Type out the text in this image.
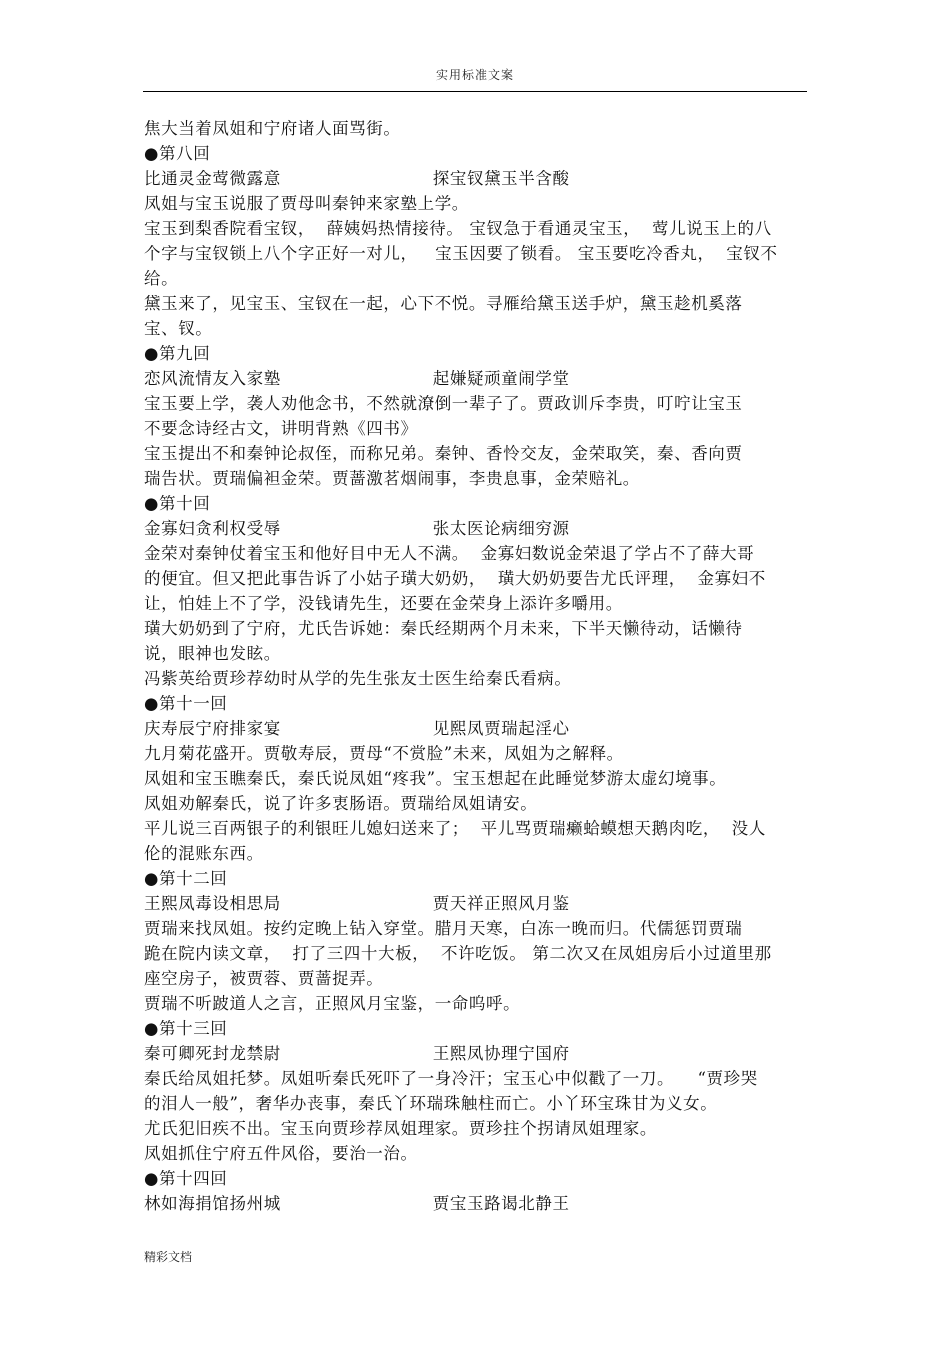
实用标准文案
焦大当着凤姐和宁府诸人面骂街。
●第八回
比通灵金莺微露意                          探宝钗黛玉半含酸
凤姐与宝玉说服了贾母叫秦钟来家塾上学。
宝玉到梨香院看宝钗，  薛姨妈热情接待。 宝钗急于看通灵宝玉，  莺儿说玉上的八
个字与宝钗锁上八个字正好一对儿，   宝玉因要了锁看。 宝玉要吃冷香丸，  宝钗不
给。
黛玉来了，见宝玉、宝钗在一起，心下不悦。寻雁给黛玉送手炉，黛玉趁机奚落
宝、钗。
●第九回
恋风流情友入家塾                          起嫌疑顽童闹学堂
宝玉要上学，袭人劝他念书，不然就潦倒一辈子了。贾政训斥李贵，叮咛让宝玉
不要念诗经古文，讲明背熟《四书》
宝玉提出不和秦钟论叔侄，而称兄弟。秦钟、香怜交友，金荣取笑，秦、香向贾
瑞告状。贾瑞偏袒金荣。贾蔷激茗烟闹事，李贵息事，金荣赔礼。
●第十回
金寡妇贪利权受辱                          张太医论病细穷源
金荣对秦钟仗着宝玉和他好目中无人不满。  金寡妇数说金荣退了学占不了薛大哥
的便宜。但又把此事告诉了小姑子璜大奶奶，  璜大奶奶要告尤氏评理，  金寡妇不
让，怕娃上不了学，没钱请先生，还要在金荣身上添许多嚼用。
璜大奶奶到了宁府，尤氏告诉她：秦氏经期两个月未来，下半天懒待动，话懒待
说，眼神也发眩。
冯紫英给贾珍荐幼时从学的先生张友士医生给秦氏看病。
●第十一回
庆寿辰宁府排家宴                          见熙凤贾瑞起淫心
九月菊花盛开。贾敬寿辰，贾母“不赏脸”未来，凤姐为之解释。
凤姐和宝玉瞧秦氏，秦氏说凤姐“疼我”。宝玉想起在此睡觉梦游太虚幻境事。
凤姐劝解秦氏，说了许多衷肠语。贾瑞给凤姐请安。
平儿说三百两银子的利银旺儿媳妇送来了；  平儿骂贾瑞癞蛤蟆想天鹅肉吃，  没人
伦的混账东西。
●第十二回
王熙凤毒设相思局                          贾天祥正照风月鉴
贾瑞来找凤姐。按约定晚上钻入穿堂。腊月天寒，白冻一晚而归。代儒惩罚贾瑞
跪在院内读文章，  打了三四十大板，  不许吃饭。 第二次又在凤姐房后小过道里那
座空房子，被贾蓉、贾蔷捉弄。
贾瑞不听跛道人之言，正照风月宝鉴，一命呜呼。
●第十三回
秦可卿死封龙禁尉                          王熙凤协理宁国府
秦氏给凤姐托梦。凤姐听秦氏死吓了一身冷汗；宝玉心中似戳了一刀。    “贾珍哭
的泪人一般”，奢华办丧事，秦氏丫环瑞珠触柱而亡。小丫环宝珠甘为义女。
尤氏犯旧疾不出。宝玉向贾珍荐凤姐理家。贾珍拄个拐请凤姐理家。
凤姐抓住宁府五件风俗，要治一治。
●第十四回
林如海捐馆扬州城                          贾宝玉路谒北静王
精彩文档
